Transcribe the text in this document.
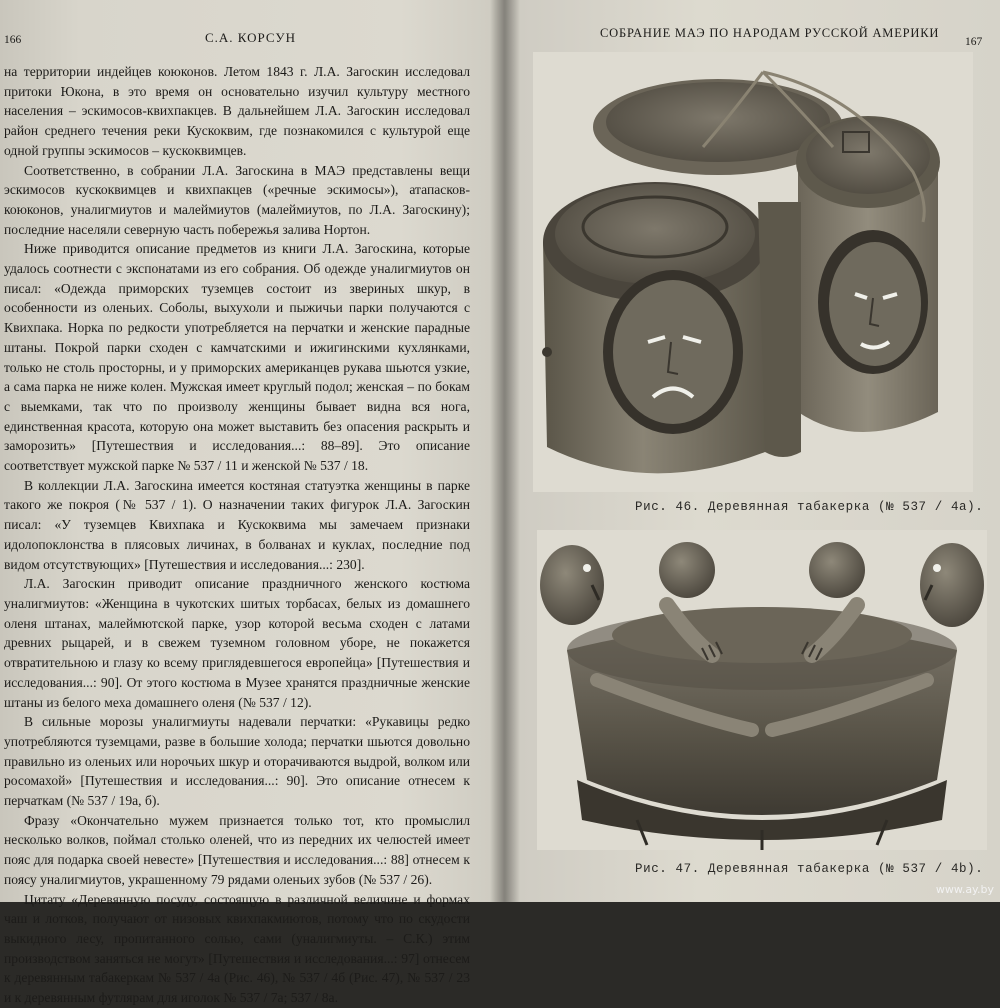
166	С.А. КОРСУН

на территории индейцев коюконов. Летом 1843 г. Л.А. Загоскин исследовал притоки Юкона, в это время он основательно изучил культуру местного населения – эскимосов-квихпакцев. В дальнейшем Л.А. Загоскин исследовал район среднего течения реки Кускоквим, где познакомился с культурой еще одной группы эскимосов – кускоквимцев.

Соответственно, в собрании Л.А. Загоскина в МАЭ представлены вещи эскимосов кускоквимцев и квихпакцев («речные эскимосы»), атапасков-коюконов, уналигмиутов и малеймиутов (малеймиутов, по Л.А. Загоскину); последние населяли северную часть побережья залива Нортон.

Ниже приводится описание предметов из книги Л.А. Загоскина, которые удалось соотнести с экспонатами из его собрания. Об одежде уналигмиутов он писал: «Одежда приморских туземцев состоит из звериных шкур, в особенности из оленьих. Соболы, выхухоли и пыжичьи парки получаются с Квихпака. Норка по редкости употребляется на перчатки и женские парадные штаны. Покрой парки сходен с камчатскими и ижигинскими кухлянками, только не столь просторны, и у приморских американцев рукава шьются узкие, а сама парка не ниже колен. Мужская имеет круглый подол; женская – по бокам с выемками, так что по произволу женщины бывает видна вся нога, единственная красота, которую она может выставить без опасения раскрыть и заморозить» [Путешествия и исследования...: 88–89]. Это описание соответствует мужской парке № 537 / 11 и женской № 537 / 18.

В коллекции Л.А. Загоскина имеется костяная статуэтка женщины в парке такого же покроя (№ 537 / 1). О назначении таких фигурок Л.А. Загоскин писал: «У туземцев Квихпака и Кускоквима мы замечаем признаки идолопоклонства в плясовых личинах, в болванах и куклах, последние под видом отсутствующих» [Путешествия и исследования...: 230].

Л.А. Загоскин приводит описание праздничного женского костюма уналигмиутов: «Женщина в чукотских шитых торбасах, белых из домашнего оленя штанах, малеймютской парке, узор которой весьма сходен с латами древних рыцарей, и в свежем туземном головном уборе, не покажется отвратительною и глазу ко всему приглядевшегося европейца» [Путешествия и исследования...: 90]. От этого костюма в Музее хранятся праздничные женские штаны из белого меха домашнего оленя (№ 537 / 12).

В сильные морозы уналигмиуты надевали перчатки: «Рукавицы редко употребляются туземцами, разве в большие холода; перчатки шьются довольно правильно из оленьих или норочьих шкур и оторачиваются выдрой, волком или росомахой» [Путешествия и исследования...: 90]. Это описание отнесем к перчаткам (№ 537 / 19а, б).

Фразу «Окончательно мужем признается только тот, кто промыслил несколько волков, поймал столько оленей, что из передних их челюстей имеет пояс для подарка своей невесте» [Путешествия и исследования...: 88] отнесем к поясу уналигмиутов, украшенному 79 рядами оленьих зубов (№ 537 / 26).

Цитату «Деревянную посуду, состоящую в различной величине и формах чаш и лотков, получают от низовых квихпакмиютов, потому что по скудости выкидного лесу, пропитанного солью, сами (уналигмиуты. – С.К.) этим производством заняться не могут» [Путешествия и исследования...: 97] отнесем к деревянным табакеркам № 537 / 4а (Рис. 46), № 537 / 4б (Рис. 47), № 537 / 23 и к деревянным футлярам для иголок № 537 / 7а; 537 / 8а.

СОБРАНИЕ МАЭ ПО НАРОДАМ РУССКОЙ АМЕРИКИ
167
Рис. 46. Деревянная табакерка (№ 537 / 4а).
Рис. 47. Деревянная табакерка (№ 537 / 4b).
www.ay.by
